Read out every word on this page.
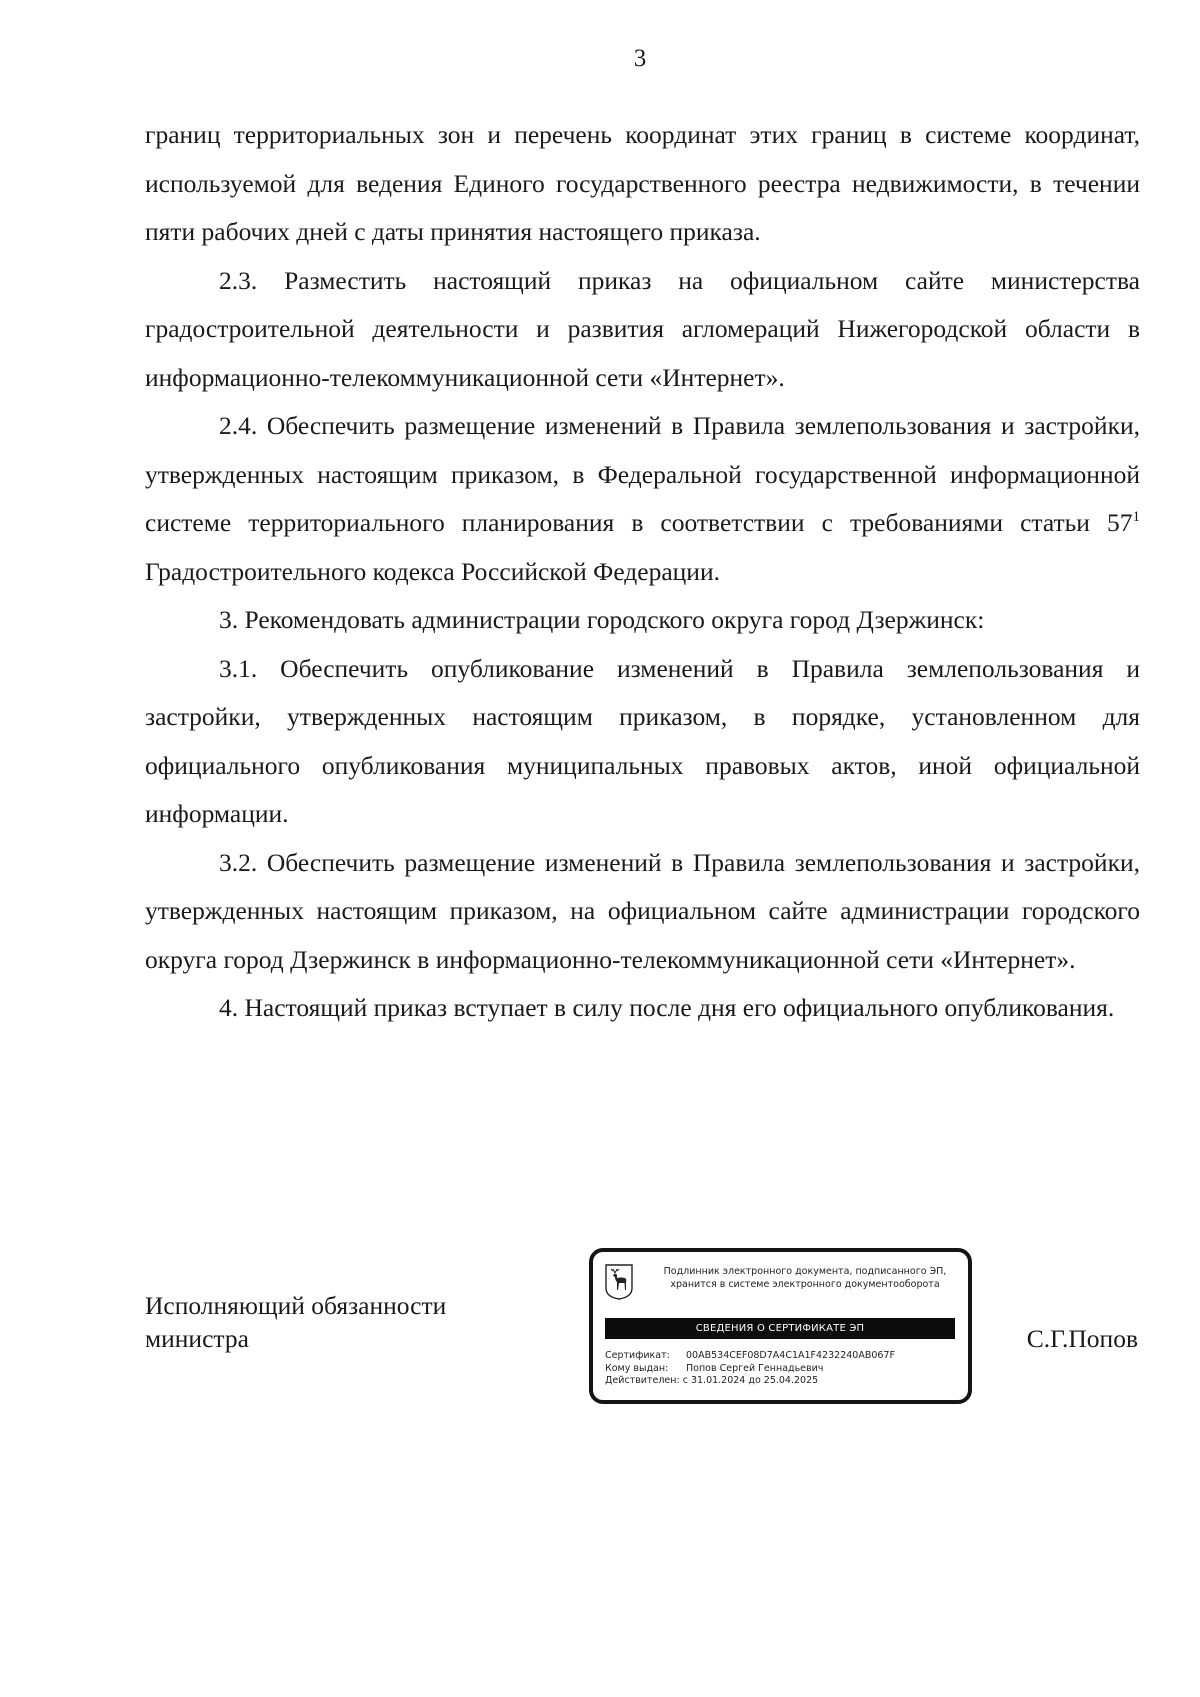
3

границ территориальных зон и перечень координат этих границ в системе координат, используемой для ведения Единого государственного реестра недвижимости, в течении пяти рабочих дней с даты принятия настоящего приказа.

2.3. Разместить настоящий приказ на официальном сайте министерства градостроительной деятельности и развития агломераций Нижегородской области в информационно-телекоммуникационной сети «Интернет».

2.4. Обеспечить размещение изменений в Правила землепользования и застройки, утвержденных настоящим приказом, в Федеральной государственной информационной системе территориального планирования в соответствии с требованиями статьи $57^1$ Градостроительного кодекса Российской Федерации.

3. Рекомендовать администрации городского округа город Дзержинск:

3.1. Обеспечить опубликование изменений в Правила землепользования и застройки, утвержденных настоящим приказом, в порядке, установленном для официального опубликования муниципальных правовых актов, иной официальной информации.

3.2. Обеспечить размещение изменений в Правила землепользования и застройки, утвержденных настоящим приказом, на официальном сайте администрации городского округа город Дзержинск в информационно-телекоммуникационной сети «Интернет».

4. Настоящий приказ вступает в силу после дня его официального опубликования.

Исполняющий обязанности
министра
Подлинник электронного документа, подписанного ЭП,
хранится в системе электронного документооборота
СВЕДЕНИЯ О СЕРТИФИКАТЕ ЭП
Сертификат: 00AB534CEF08D7A4C1A1F4232240AB067F
Кому выдан: Попов Сергей Геннадьевич
Действителен: с 31.01.2024 до 25.04.2025
С.Г.Попов
